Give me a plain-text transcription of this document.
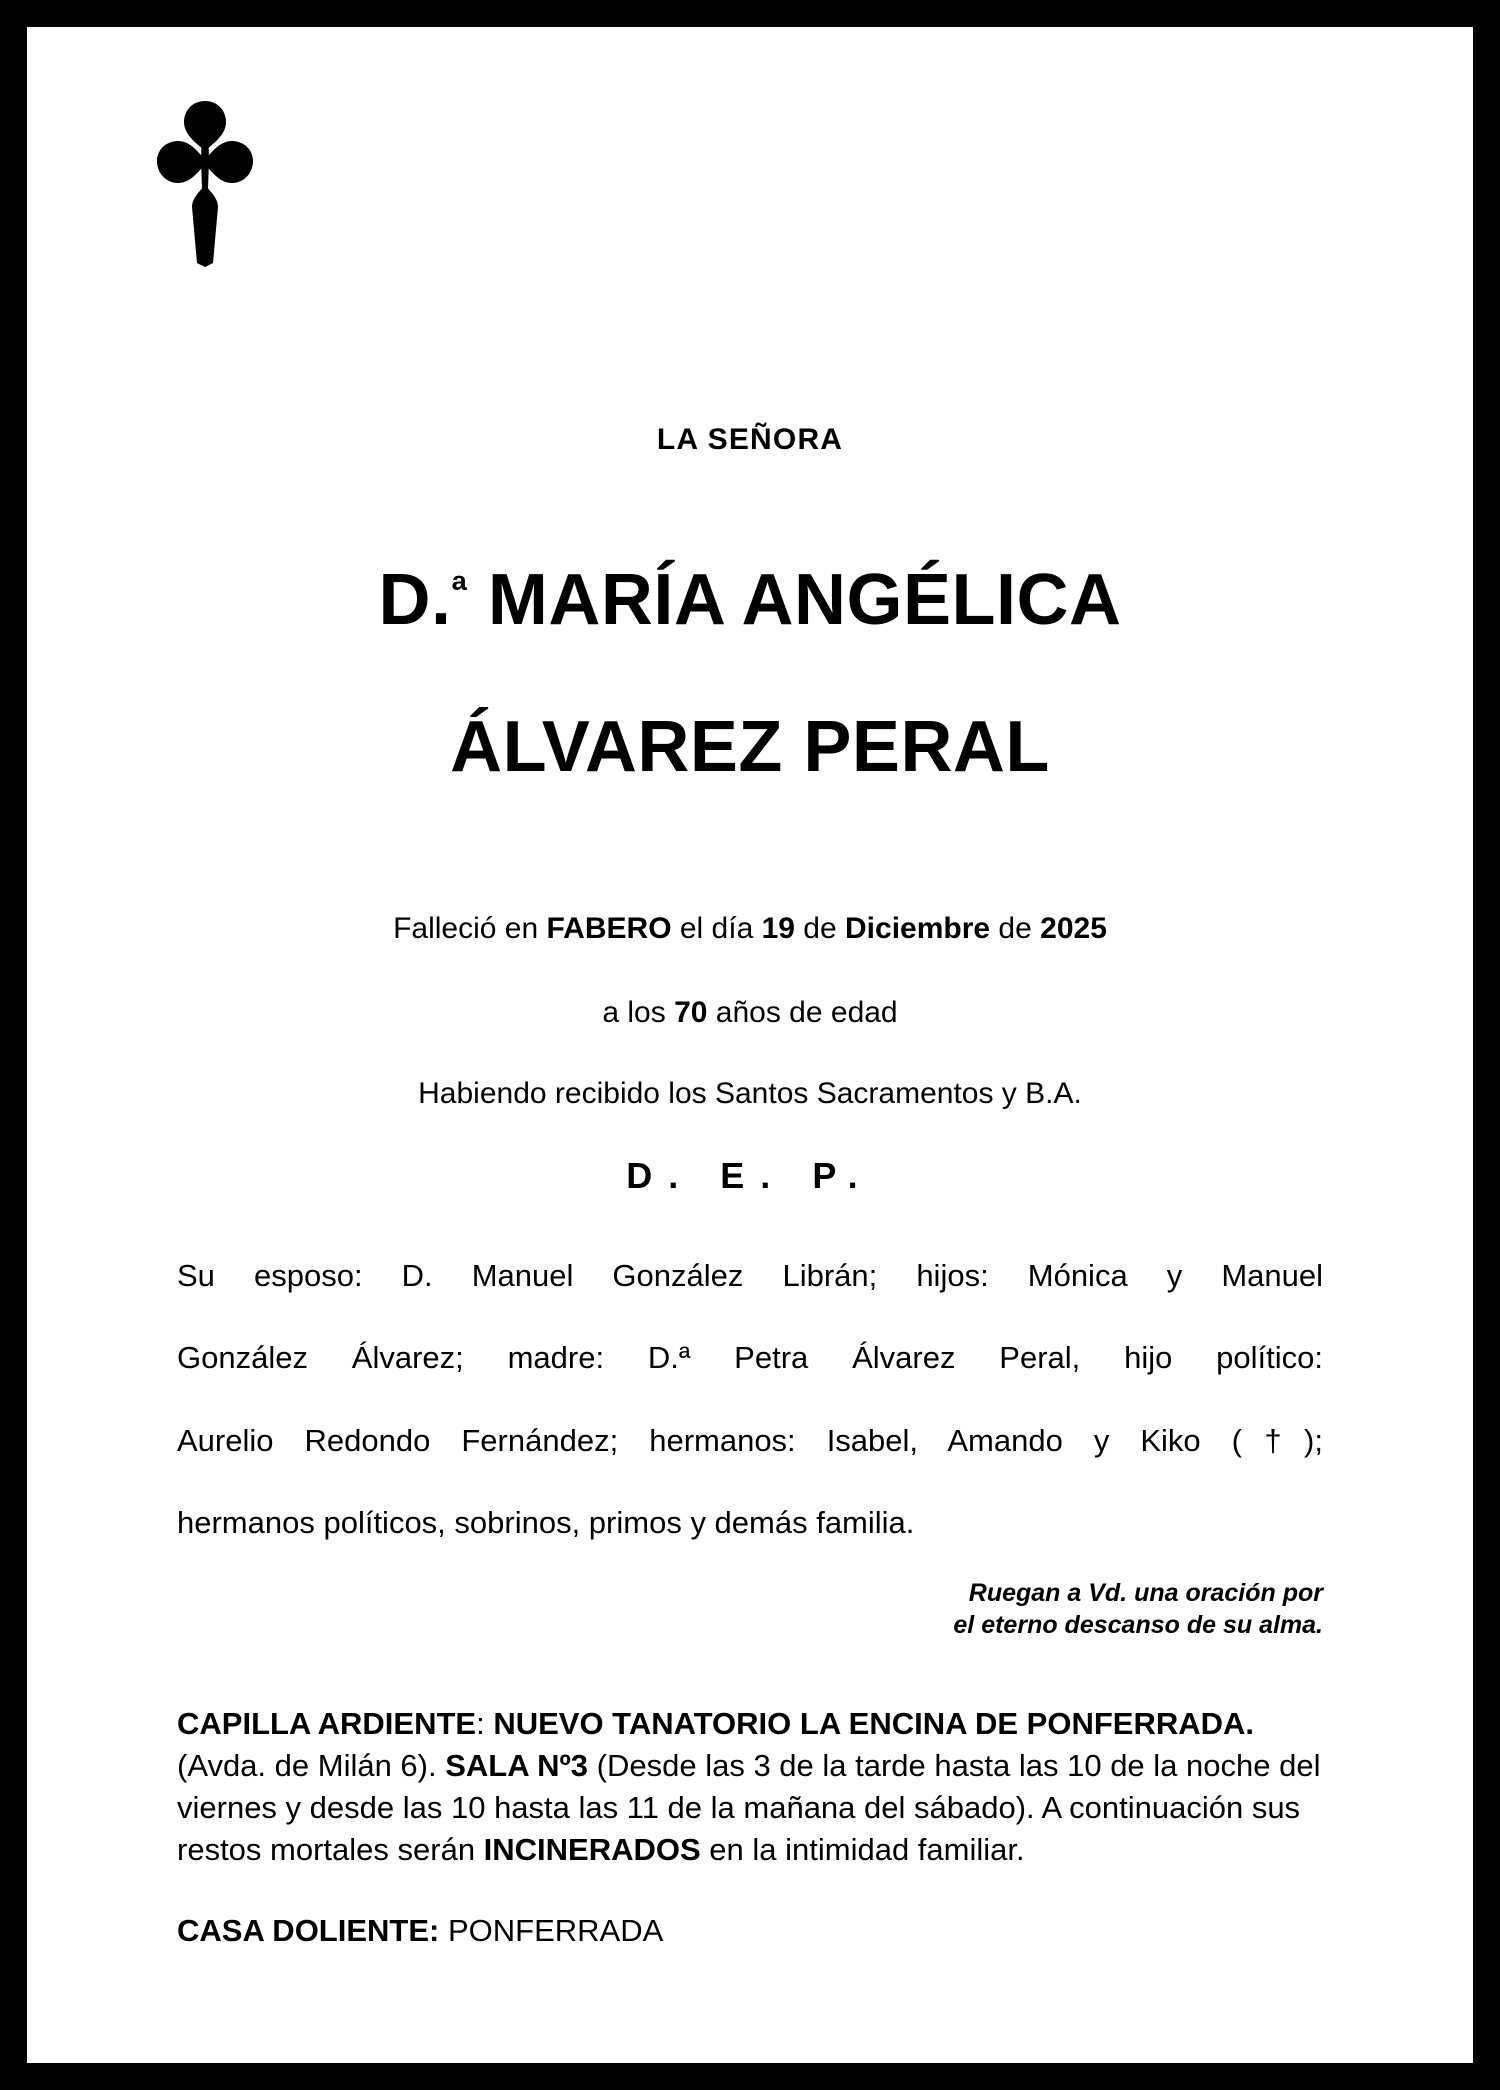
LA SEÑORA

D.$^ª$ MARÍA ANGÉLICA

ÁLVAREZ PERAL

Falleció en FABERO el día 19 de Diciembre de 2025
a los 70 años de edad
Habiendo recibido los Santos Sacramentos y B.A.
D. E. P.
Su esposo: D. Manuel González Librán; hijos: Mónica y Manuel
González Álvarez; madre: D.ª Petra Álvarez Peral, hijo político:
Aurelio Redondo Fernández; hermanos: Isabel, Amando y Kiko (†);
hermanos políticos, sobrinos, primos y demás familia.
Ruegan a Vd. una oración por
el eterno descanso de su alma.
CAPILLA ARDIENTE: NUEVO TANATORIO LA ENCINA DE PONFERRADA.(Avda. de Milán 6). SALA Nº3 (Desde las 3 de la tarde hasta las 10 de la noche del viernes y desde las 10 hasta las 11 de la mañana del sábado). A continuación sus restos mortales serán INCINERADOS en la intimidad familiar.
CASA DOLIENTE: PONFERRADA
